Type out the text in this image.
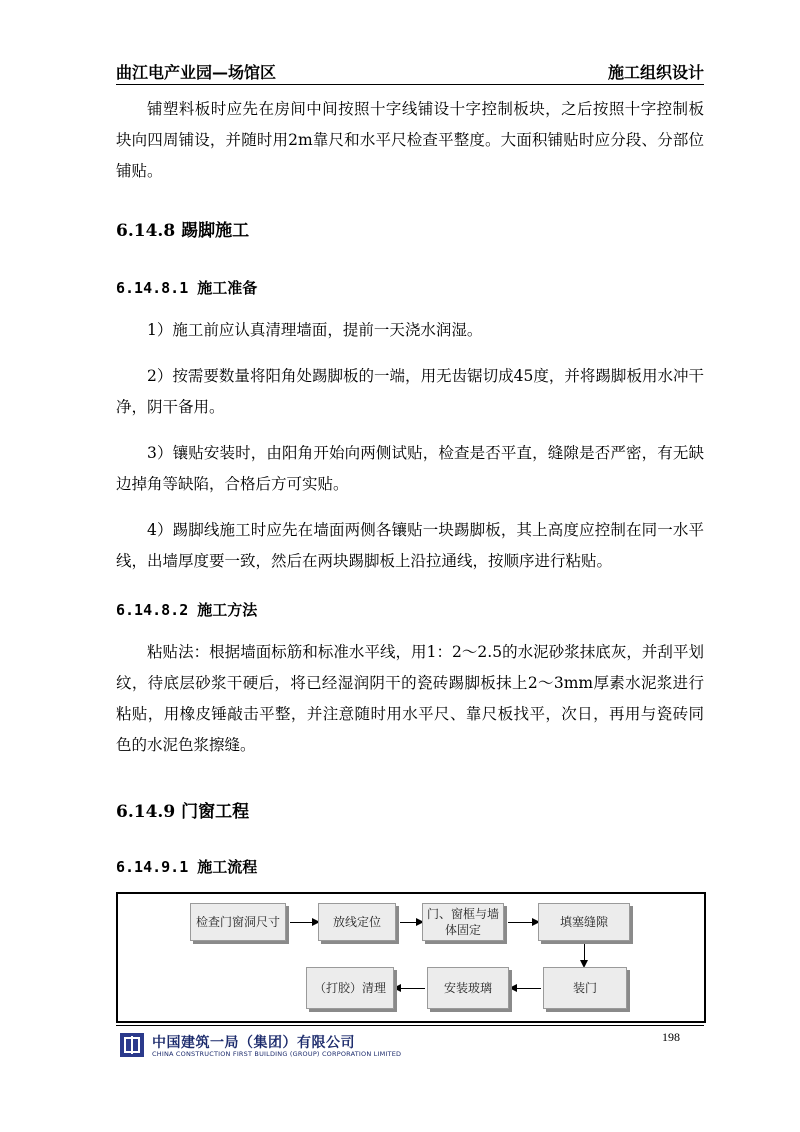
曲江电产业园—场馆区	施工组织设计

铺塑料板时应先在房间中间按照十字线铺设十字控制板块，之后按照十字控制板块向四周铺设，并随时用2m靠尺和水平尺检查平整度。大面积铺贴时应分段、分部位铺贴。

6.14.8 踢脚施工
6.14.8.1 施工准备

1）施工前应认真清理墙面，提前一天浇水润湿。

2）按需要数量将阳角处踢脚板的一端，用无齿锯切成45度，并将踢脚板用水冲干净，阴干备用。

3）镶贴安装时，由阳角开始向两侧试贴，检查是否平直，缝隙是否严密，有无缺边掉角等缺陷，合格后方可实贴。

4）踢脚线施工时应先在墙面两侧各镶贴一块踢脚板，其上高度应控制在同一水平线，出墙厚度要一致，然后在两块踢脚板上沿拉通线，按顺序进行粘贴。

6.14.8.2 施工方法

粘贴法：根据墙面标筋和标准水平线，用1：2～2.5的水泥砂浆抹底灰，并刮平划纹，待底层砂浆干硬后，将已经湿润阴干的瓷砖踢脚板抹上2～3mm厚素水泥浆进行粘贴，用橡皮锤敲击平整，并注意随时用水平尺、靠尺板找平，次日，再用与瓷砖同色的水泥色浆擦缝。

6.14.9 门窗工程
6.14.9.1 施工流程
检查门窗洞尺寸	放线定位
门、窗框与墙体固定
填塞缝隙
装门
安装玻璃
（打胶）清理
中国建筑一局（集团）有限公司
CHINA CONSTRUCTION FIRST BUILDING (GROUP) CORPORATION LIMITED
198
